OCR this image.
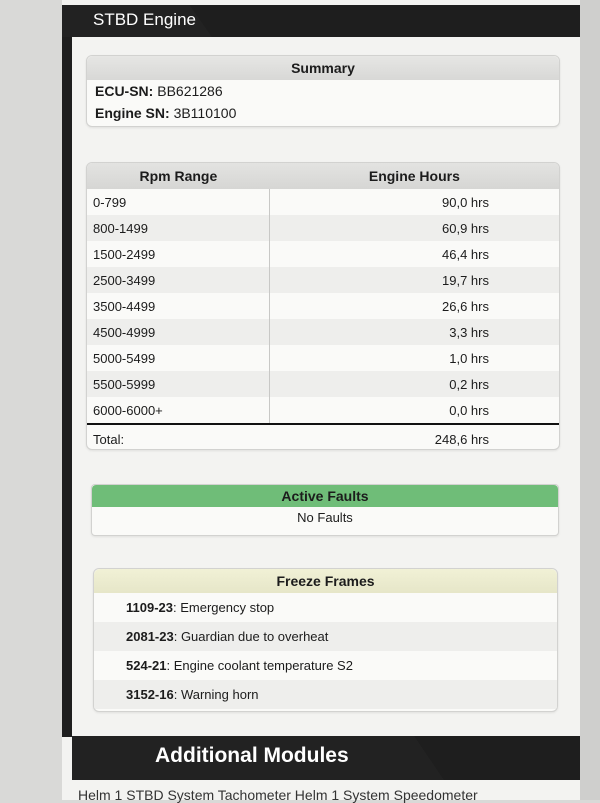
STBD Engine
Summary
ECU-SN: BB621286
Engine SN: 3B110100
Rpm Range	Engine Hours
0-799	90,0 hrs
800-1499	60,9 hrs
1500-2499	46,4 hrs
2500-3499	19,7 hrs
3500-4499	26,6 hrs
4500-4999	3,3 hrs
5000-5499	1,0 hrs
5500-5999	0,2 hrs
6000-6000+	0,0 hrs
Total:	248,6 hrs
Active Faults
No Faults
Freeze Frames
1109-23: Emergency stop
2081-23: Guardian due to overheat
524-21: Engine coolant temperature S2
3152-16: Warning horn
Additional Modules
Helm 1 STBD System Tachometer Helm 1 System Speedometer
